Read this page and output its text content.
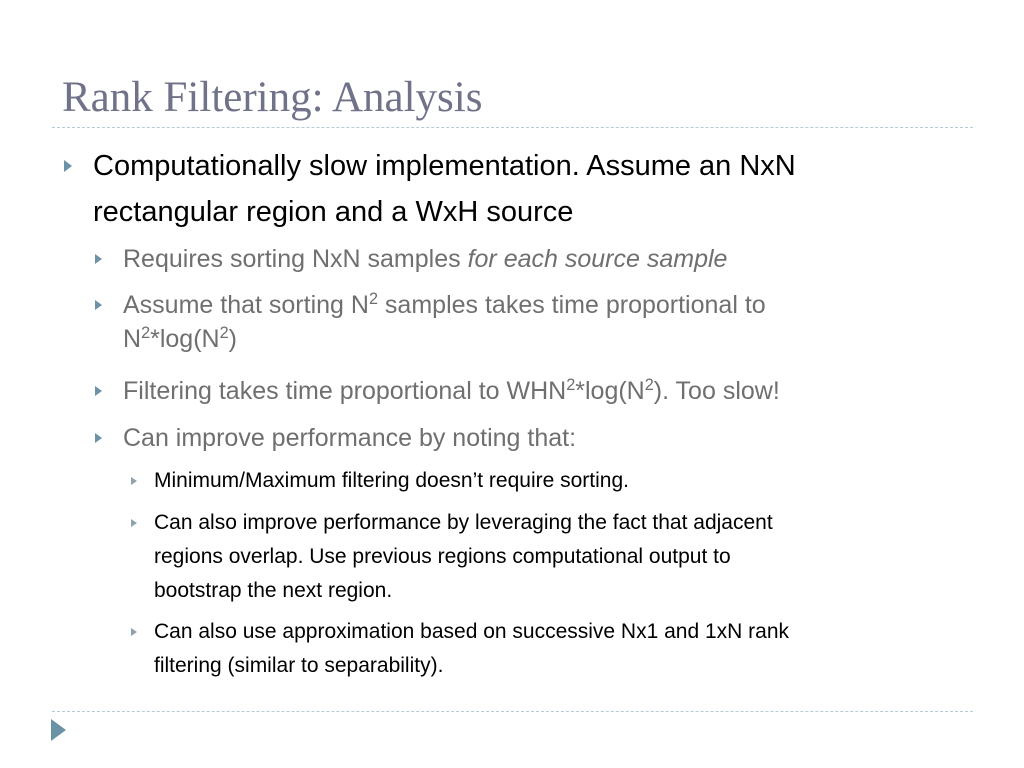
Rank Filtering: Analysis

Computationally slow implementation. Assume an NxN
rectangular region and a WxH source

Requires sorting NxN samples for each source sample

Assume that sorting $N^2$ samples takes time proportional to
$N^2*\log(N^2)$

Filtering takes time proportional to $WHN^2*\log(N^2)$. Too slow!

Can improve performance by noting that:

Minimum/Maximum filtering doesn’t require sorting.

Can also improve performance by leveraging the fact that adjacent
regions overlap. Use previous regions computational output to
bootstrap the next region.

Can also use approximation based on successive Nx1 and 1xN rank
filtering (similar to separability).
